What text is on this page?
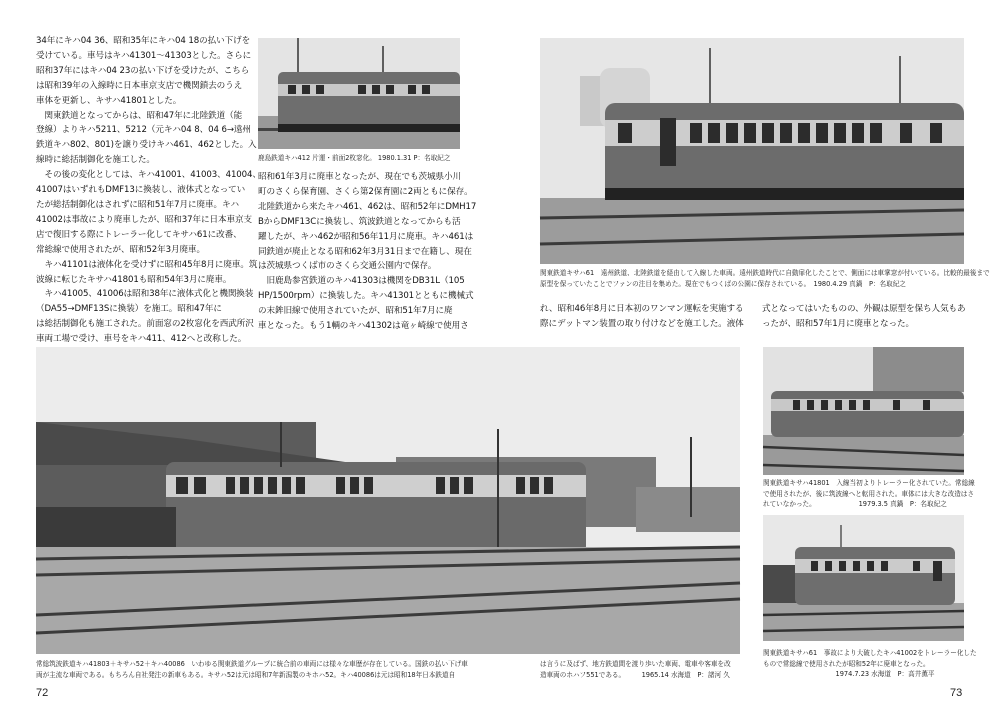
34年にキハ04 36、昭和35年にキハ04 18の払い下げを
受けている。車号はキハ41301～41303とした。さらに
昭和37年にはキハ04 23の払い下げを受けたが、こちら
は昭和39年の入線時に日本車京支店で機関鎖去のうえ
車体を更新し、キサハ41801とした。
　関東鉄道となってからは、昭和47年に北陸鉄道（能
登線）よりキハ5211、5212（元キハ04 8、04 6→遠州
鉄道キハ802、801)を譲り受けキハ461、462とした。入
線時に総括制御化を施工した。
　その後の変化としては、キハ41001、41003、41004、
41007はいずれもDMF13に換装し、液体式となってい
たが総括制御化はされずに昭和51年7月に廃車。キハ
41002は事故により廃車したが、昭和37年に日本車京支
店で復旧する際にトレーラー化してキサハ61に改番、
常総線で使用されたが、昭和52年3月廃車。
　キハ41101は液体化を受けずに昭和45年8月に廃車。筑
波線に転じたキサハ41801も昭和54年3月に廃車。
　キハ41005、41006は昭和38年に液体式化と機関換装
（DA55→DMF13Sに換装）を施工。昭和47年に
は総括制御化も施工された。前面窓の2枚窓化を西武所沢
車両工場で受け、車号をキハ411、412へと改称した。
鹿島鉄道キハ412 片運・前面2枚窓化。 1980.1.31 P：名取紀之
昭和61年3月に廃車となったが、現在でも茨城県小川
町のさくら保育園、さくら第2保育園に2両ともに保存。
北陸鉄道から来たキハ461、462は、昭和52年にDMH17
BからDMF13Cに換装し、筑波鉄道となってからも活
躍したが、キハ462が昭和56年11月に廃車。キハ461は
同鉄道が廃止となる昭和62年3月31日まで在籍し、現在
は茨城県つくば市のさくら交通公園内で保存。
　旧鹿島参宮鉄道のキハ41303は機関をDB31L（105
HP/1500rpm）に換装した。キハ41301とともに機械式
の末鉾旧線で使用されていたが、昭和51年7月に廃
車となった。もう1輌のキハ41302は竜ヶ崎線で使用さ
常総筑波鉄道キハ41803＋キサハ52＋キハ40086　いわゆる関東鉄道グループに統合前の車両には様々な車歴が存在している。国鉄の払い下げ車
両が主流な車両である。もちろん自社発注の新車もある。キサハ52は元は昭和7年新潟製のキホハ52。キハ40086は元は昭和18年日本鉄道自
72
関東鉄道キサハ61　遠州鉄道、北陸鉄道を経由して入線した車両。遠州鉄道時代に自動扉化したことで、側面には車掌窓が付いている。比較的最後まで
原型を保っていたことでファンの注目を集めた。現在でもつくばの公園に保存されている。　1980.4.29 真鍋　P：名取紀之
れ、昭和46年8月に日本初のワンマン運転を実施する
際にデットマン装置の取り付けなどを施工した。液体
式となってはいたものの、外観は原型を保ち人気もあ
ったが、昭和57年1月に廃車となった。
関東鉄道キサハ41801　入線当初よりトレーラー化されていた。常総線
で使用されたが、後に筑波線へと転用された。車体には大きな改造はさ
れていなかった。　　　　　　　1979.3.5 真鍋　P：名取紀之
は言うに及ばず、地方鉄道間を渡り歩いた車両、電車や客車を改
造車両のホハフ551である。　　　1965.14 水海道　P：諸河 久
関東鉄道キサハ61　事故により大破したキハ41002をトレーラー化した
もので常総線で使用されたが昭和52年に廃車となった。
　　　　　　　　　　　1974.7.23 水海道　P：高井薫平
73
